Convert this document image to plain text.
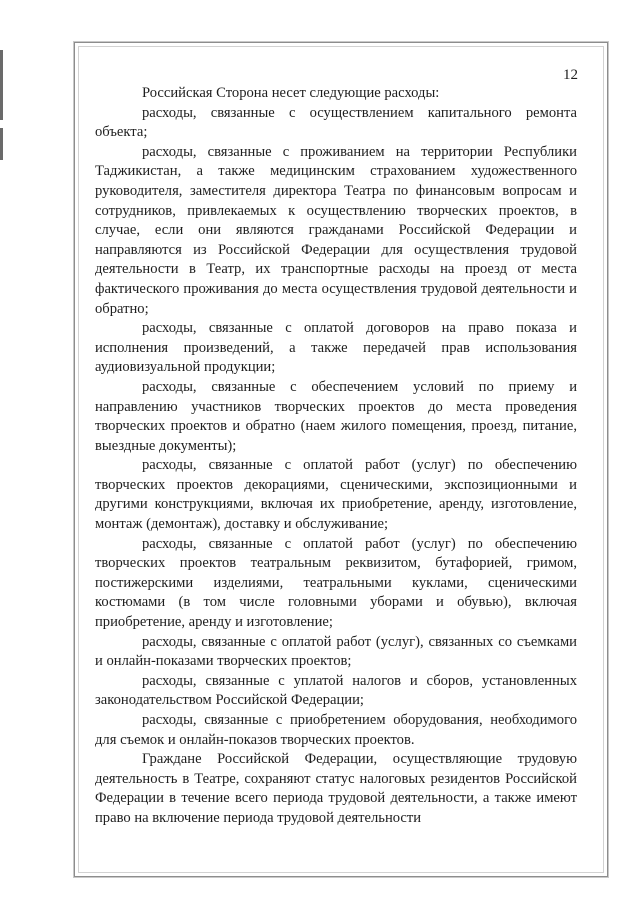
12

Российская Сторона несет следующие расходы:

расходы, связанные с осуществлением капитального ремонта объекта;

расходы, связанные с проживанием на территории Республики Таджикистан, а также медицинским страхованием художественного руководителя, заместителя директора Театра по финансовым вопросам и сотрудников, привлекаемых к осуществлению творческих проектов, в случае, если они являются гражданами Российской Федерации и направляются из Российской Федерации для осуществления трудовой деятельности в Театр, их транспортные расходы на проезд от места фактического проживания до места осуществления трудовой деятельности и обратно;

расходы, связанные с оплатой договоров на право показа и исполнения произведений, а также передачей прав использования аудиовизуальной продукции;

расходы, связанные с обеспечением условий по приему и направлению участников творческих проектов до места проведения творческих проектов и обратно (наем жилого помещения, проезд, питание, выездные документы);

расходы, связанные с оплатой работ (услуг) по обеспечению творческих проектов декорациями, сценическими, экспозиционными и другими конструкциями, включая их приобретение, аренду, изготовление, монтаж (демонтаж), доставку и обслуживание;

расходы, связанные с оплатой работ (услуг) по обеспечению творческих проектов театральным реквизитом, бутафорией, гримом, постижерскими изделиями, театральными куклами, сценическими костюмами (в том числе головными уборами и обувью), включая приобретение, аренду и изготовление;

расходы, связанные с оплатой работ (услуг), связанных со съемками и онлайн-показами творческих проектов;

расходы, связанные с уплатой налогов и сборов, установленных законодательством Российской Федерации;

расходы, связанные с приобретением оборудования, необходимого для съемок и онлайн-показов творческих проектов.

Граждане Российской Федерации, осуществляющие трудовую деятельность в Театре, сохраняют статус налоговых резидентов Российской Федерации в течение всего периода трудовой деятельности, а также имеют право на включение периода трудовой деятельности
